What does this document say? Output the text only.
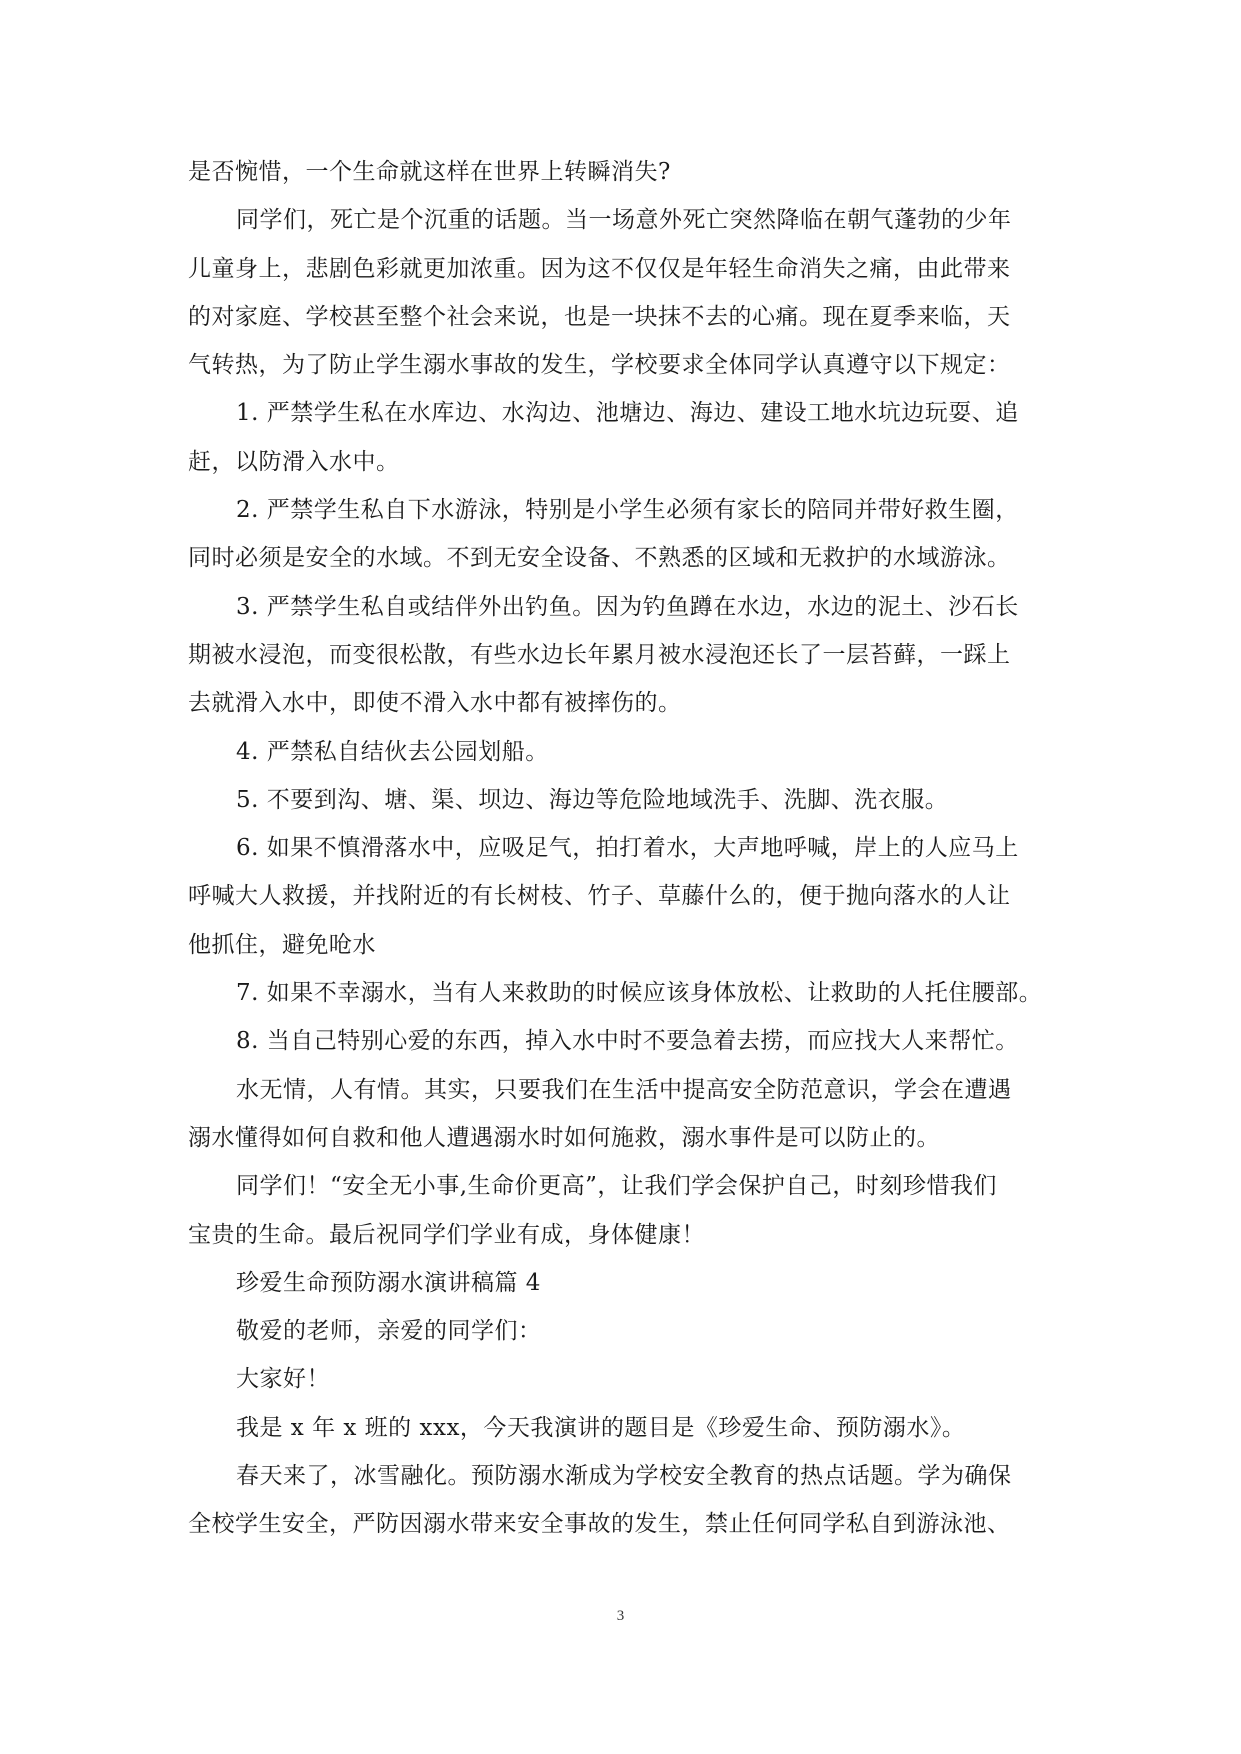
是否惋惜，一个生命就这样在世界上转瞬消失?
同学们，死亡是个沉重的话题。当一场意外死亡突然降临在朝气蓬勃的少年
儿童身上，悲剧色彩就更加浓重。因为这不仅仅是年轻生命消失之痛，由此带来
的对家庭、学校甚至整个社会来说，也是一块抹不去的心痛。现在夏季来临，天
气转热，为了防止学生溺水事故的发生，学校要求全体同学认真遵守以下规定：
1. 严禁学生私在水库边、水沟边、池塘边、海边、建设工地水坑边玩耍、追
赶，以防滑入水中。
2. 严禁学生私自下水游泳，特别是小学生必须有家长的陪同并带好救生圈，
同时必须是安全的水域。不到无安全设备、不熟悉的区域和无救护的水域游泳。
3. 严禁学生私自或结伴外出钓鱼。因为钓鱼蹲在水边，水边的泥土、沙石长
期被水浸泡，而变很松散，有些水边长年累月被水浸泡还长了一层苔藓，一踩上
去就滑入水中，即使不滑入水中都有被摔伤的。
4. 严禁私自结伙去公园划船。
5. 不要到沟、塘、渠、坝边、海边等危险地域洗手、洗脚、洗衣服。
6. 如果不慎滑落水中，应吸足气，拍打着水，大声地呼喊，岸上的人应马上
呼喊大人救援，并找附近的有长树枝、竹子、草藤什么的，便于抛向落水的人让
他抓住，避免呛水
7. 如果不幸溺水，当有人来救助的时候应该身体放松、让救助的人托住腰部。
8. 当自己特别心爱的东西，掉入水中时不要急着去捞，而应找大人来帮忙。
水无情，人有情。其实，只要我们在生活中提高安全防范意识，学会在遭遇
溺水懂得如何自救和他人遭遇溺水时如何施救，溺水事件是可以防止的。
同学们！“安全无小事,生命价更高”，让我们学会保护自己，时刻珍惜我们
宝贵的生命。最后祝同学们学业有成，身体健康！
珍爱生命预防溺水演讲稿篇 4
敬爱的老师，亲爱的同学们：
大家好！
我是 x 年 x 班的 xxx，今天我演讲的题目是《珍爱生命、预防溺水》。
春天来了，冰雪融化。预防溺水渐成为学校安全教育的热点话题。学为确保
全校学生安全，严防因溺水带来安全事故的发生，禁止任何同学私自到游泳池、
3
